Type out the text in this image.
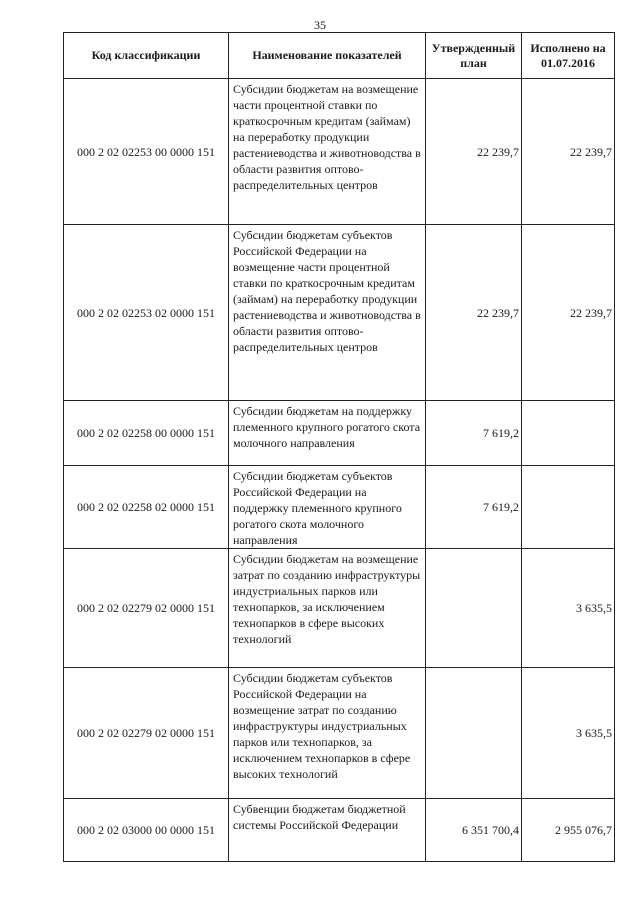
35
Код классификации	Наименование показателей	Утвержденный план	Исполнено на 01.07.2016
000 2 02 02253 00 0000 151	Субсидии бюджетам на возмещение части процентной ставки по краткосрочным кредитам (займам) на переработку продукции растениеводства и животноводства в области развития оптово-распределительных центров	22 239,7	22 239,7
000 2 02 02253 02 0000 151	Субсидии бюджетам субъектов Российской Федерации на возмещение части процентной ставки по краткосрочным кредитам (займам) на переработку продукции растениеводства и животноводства в области развития оптово-распределительных центров	22 239,7	22 239,7
000 2 02 02258 00 0000 151	Субсидии бюджетам на поддержку племенного крупного рогатого скота молочного направления	7 619,2	
000 2 02 02258 02 0000 151	Субсидии бюджетам субъектов Российской Федерации на поддержку племенного крупного рогатого скота молочного направления	7 619,2	
000 2 02 02279 02 0000 151	Субсидии бюджетам на возмещение затрат по созданию инфраструктуры индустриальных парков или технопарков, за исключением технопарков в сфере высоких технологий		3 635,5
000 2 02 02279 02 0000 151	Субсидии бюджетам субъектов Российской Федерации на возмещение затрат по созданию инфраструктуры индустриальных парков или технопарков, за исключением технопарков в сфере высоких технологий		3 635,5
000 2 02 03000 00 0000 151	Субвенции бюджетам бюджетной системы Российской Федерации	6 351 700,4	2 955 076,7
